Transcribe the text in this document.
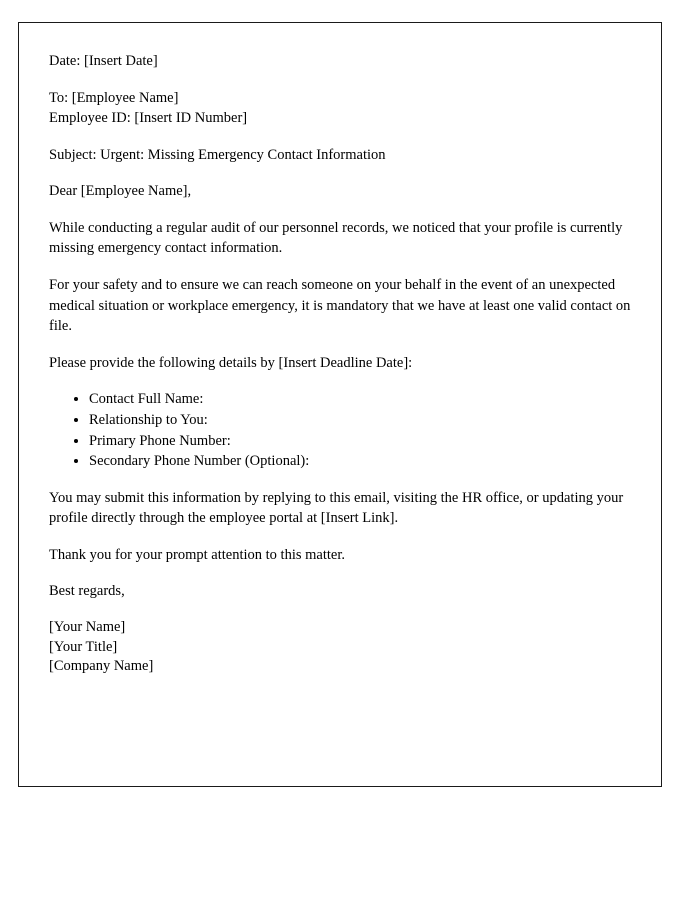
Date: [Insert Date]
To: [Employee Name]
Employee ID: [Insert ID Number]
Subject: Urgent: Missing Emergency Contact Information
Dear [Employee Name],

While conducting a regular audit of our personnel records, we noticed that your profile is currently missing emergency contact information.

For your safety and to ensure we can reach someone on your behalf in the event of an unexpected medical situation or workplace emergency, it is mandatory that we have at least one valid contact on file.

Please provide the following details by [Insert Deadline Date]:

• Contact Full Name:
• Relationship to You:
• Primary Phone Number:
• Secondary Phone Number (Optional):

You may submit this information by replying to this email, visiting the HR office, or updating your profile directly through the employee portal at [Insert Link].

Thank you for your prompt attention to this matter.

Best regards,
[Your Name]
[Your Title]
[Company Name]
